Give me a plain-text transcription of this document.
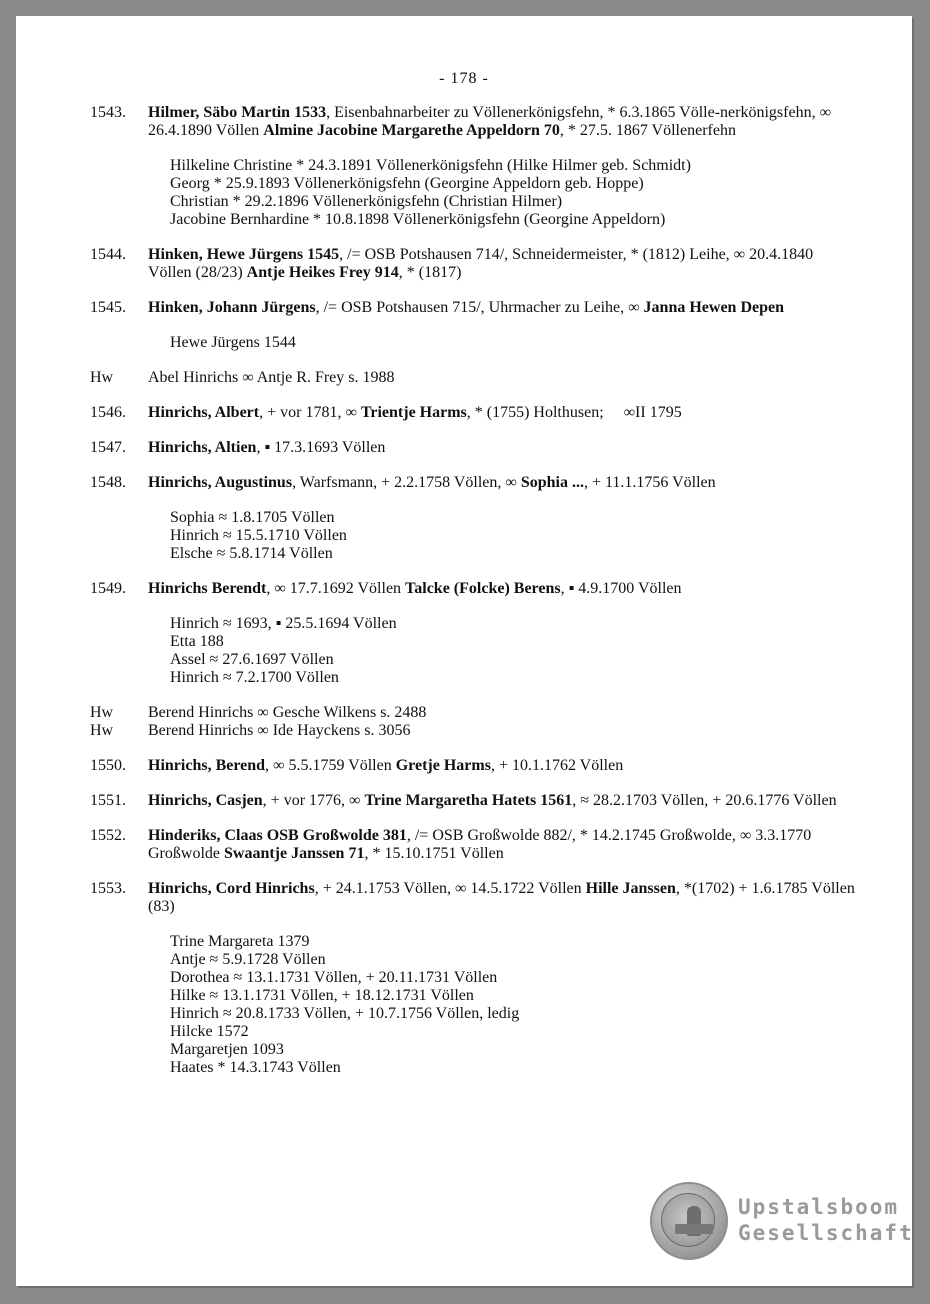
- 178 -
1543. Hilmer, Säbo Martin 1533, Eisenbahnarbeiter zu Völlenerkönigsfehn, * 6.3.1865 Völle-nerkönigsfehn, ∞ 26.4.1890 Völlen Almine Jacobine Margarethe Appeldorn 70, * 27.5. 1867 Völlenerfehn
Hilkeline Christine * 24.3.1891 Völlenerkönigsfehn (Hilke Hilmer geb. Schmidt)
Georg * 25.9.1893 Völlenerkönigsfehn (Georgine Appeldorn geb. Hoppe)
Christian * 29.2.1896 Völlenerkönigsfehn (Christian Hilmer)
Jacobine Bernhardine * 10.8.1898 Völlenerkönigsfehn (Georgine Appeldorn)
1544. Hinken, Hewe Jürgens 1545, /= OSB Potshausen 714/, Schneidermeister, * (1812) Leihe, ∞ 20.4.1840 Völlen (28/23) Antje Heikes Frey 914, * (1817)
1545. Hinken, Johann Jürgens, /= OSB Potshausen 715/, Uhrmacher zu Leihe, ∞ Janna Hewen Depen
Hewe Jürgens 1544
Hw Abel Hinrichs ∞ Antje R. Frey s. 1988
1546. Hinrichs, Albert, + vor 1781, ∞ Trientje Harms, * (1755) Holthusen;     ∞II 1795
1547. Hinrichs, Altien, ▪ 17.3.1693 Völlen
1548. Hinrichs, Augustinus, Warfsmann, + 2.2.1758 Völlen, ∞ Sophia ..., + 11.1.1756 Völlen
Sophia ≈ 1.8.1705 Völlen
Hinrich ≈ 15.5.1710 Völlen
Elsche ≈ 5.8.1714 Völlen
1549. Hinrichs Berendt, ∞ 17.7.1692 Völlen Talcke (Folcke) Berens, ▪ 4.9.1700 Völlen
Hinrich ≈ 1693, ▪ 25.5.1694 Völlen
Etta 188
Assel ≈ 27.6.1697 Völlen
Hinrich ≈ 7.2.1700 Völlen
Hw Berend Hinrichs ∞ Gesche Wilkens s. 2488
Hw Berend Hinrichs ∞ Ide Hayckens s. 3056
1550. Hinrichs, Berend, ∞ 5.5.1759 Völlen Gretje Harms, + 10.1.1762 Völlen
1551. Hinrichs, Casjen, + vor 1776, ∞ Trine Margaretha Hatets 1561, ≈ 28.2.1703 Völlen, + 20.6.1776 Völlen
1552. Hinderiks, Claas OSB Großwolde 381, /= OSB Großwolde 882/, * 14.2.1745 Großwolde, ∞ 3.3.1770 Großwolde Swaantje Janssen 71, * 15.10.1751 Völlen
1553. Hinrichs, Cord Hinrichs, + 24.1.1753 Völlen, ∞ 14.5.1722 Völlen Hille Janssen, *(1702) + 1.6.1785 Völlen (83)
Trine Margareta 1379
Antje ≈ 5.9.1728 Völlen
Dorothea ≈ 13.1.1731 Völlen, + 20.11.1731 Völlen
Hilke ≈ 13.1.1731 Völlen, + 18.12.1731 Völlen
Hinrich ≈ 20.8.1733 Völlen, + 10.7.1756 Völlen, ledig
Hilcke 1572
Margaretjen 1093
Haates * 14.3.1743 Völlen
Upstalsboom
Gesellschaft
